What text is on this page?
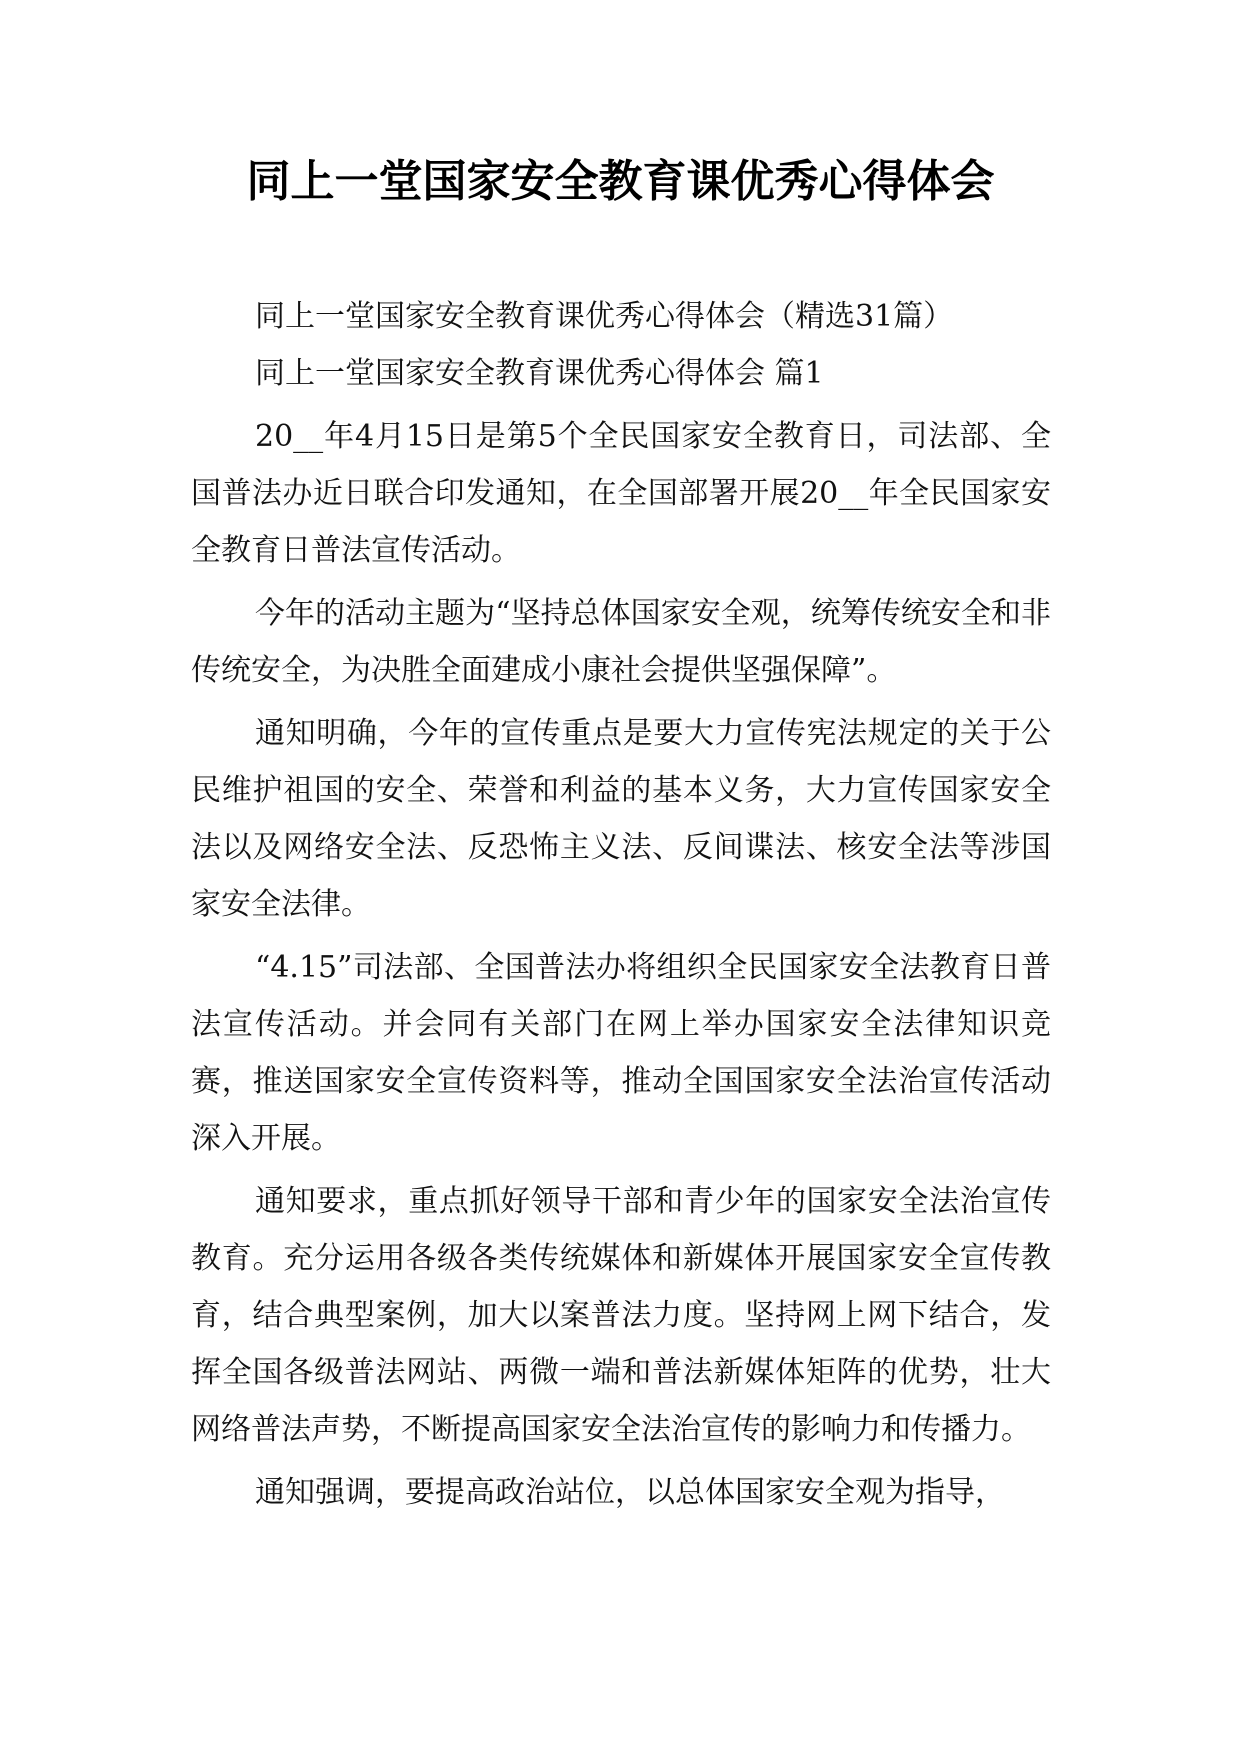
同上一堂国家安全教育课优秀心得体会

同上一堂国家安全教育课优秀心得体会（精选31篇）

同上一堂国家安全教育课优秀心得体会 篇1

20__年4月15日是第5个全民国家安全教育日，司法部、全国普法办近日联合印发通知，在全国部署开展20__年全民国家安全教育日普法宣传活动。

今年的活动主题为“坚持总体国家安全观，统筹传统安全和非传统安全，为决胜全面建成小康社会提供坚强保障”。

通知明确，今年的宣传重点是要大力宣传宪法规定的关于公民维护祖国的安全、荣誉和利益的基本义务，大力宣传国家安全法以及网络安全法、反恐怖主义法、反间谍法、核安全法等涉国家安全法律。

“4.15”司法部、全国普法办将组织全民国家安全法教育日普法宣传活动。并会同有关部门在网上举办国家安全法律知识竞赛，推送国家安全宣传资料等，推动全国国家安全法治宣传活动深入开展。

通知要求，重点抓好领导干部和青少年的国家安全法治宣传教育。充分运用各级各类传统媒体和新媒体开展国家安全宣传教育，结合典型案例，加大以案普法力度。坚持网上网下结合，发挥全国各级普法网站、两微一端和普法新媒体矩阵的优势，壮大网络普法声势，不断提高国家安全法治宣传的影响力和传播力。

通知强调，要提高政治站位，以总体国家安全观为指导，
